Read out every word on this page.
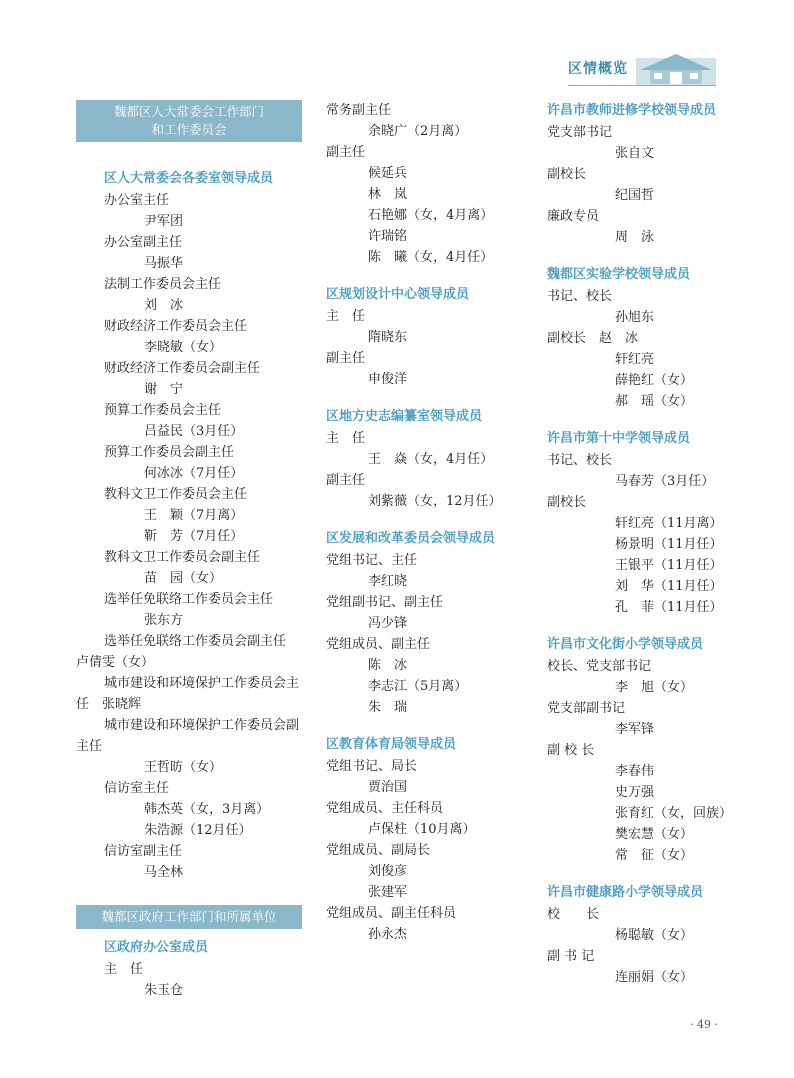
区情概览
魏都区人大常委会工作部门
和工作委员会
区人大常委会各委室领导成员
办公室主任
尹军团
办公室副主任
马振华
法制工作委员会主任
刘　冰
财政经济工作委员会主任
李晓敏（女）
财政经济工作委员会副主任
谢　宁
预算工作委员会主任
吕益民（3月任）
预算工作委员会副主任
何冰冰（7月任）
教科文卫工作委员会主任
王　颖（7月离）
靳　芳（7月任）
教科文卫工作委员会副主任
苗　园（女）
选举任免联络工作委员会主任
张东方
选举任免联络工作委员会副主任　　卢倩雯（女）
城市建设和环境保护工作委员会主任　张晓辉
城市建设和环境保护工作委员会副主任
王哲昉（女）
信访室主任
韩杰英（女，3月离）
朱浩源（12月任）
信访室副主任
马全林
魏都区政府工作部门和所属单位
区政府办公室成员
主　任
朱玉仓
常务副主任
余晓广（2月离）
副主任
候延兵
林　岚
石艳娜（女，4月离）
许瑞铭
陈　曦（女，4月任）
区规划设计中心领导成员
主　任
隋晓东
副主任
申俊洋
区地方史志编纂室领导成员
主　任
王　焱（女，4月任）
副主任
刘紫薇（女，12月任）
区发展和改革委员会领导成员
党组书记、主任
李红晓
党组副书记、副主任
冯少锋
党组成员、副主任
陈　冰
李志江（5月离）
朱　瑞
区教育体育局领导成员
党组书记、局长
贾治国
党组成员、主任科员
卢保柱（10月离）
党组成员、副局长
刘俊彦
张建军
党组成员、副主任科员
孙永杰
许昌市教师进修学校领导成员
党支部书记
张自文
副校长
纪国哲
廉政专员
周　泳
魏都区实验学校领导成员
书记、校长
孙旭东
副校长　赵　冰
轩红亮
薛艳红（女）
郝　瑶（女）
许昌市第十中学领导成员
书记、校长
马春芳（3月任）
副校长
轩红亮（11月离）
杨景明（11月任）
王银平（11月任）
刘　华（11月任）
孔　菲（11月任）
许昌市文化街小学领导成员
校长、党支部书记
李　旭（女）
党支部副书记
李军锋
副 校 长
李春伟
史万强
张育红（女，回族）
樊宏慧（女）
常　征（女）
许昌市健康路小学领导成员
校　　长
杨聪敏（女）
副 书 记
连丽娟（女）
· 49 ·
